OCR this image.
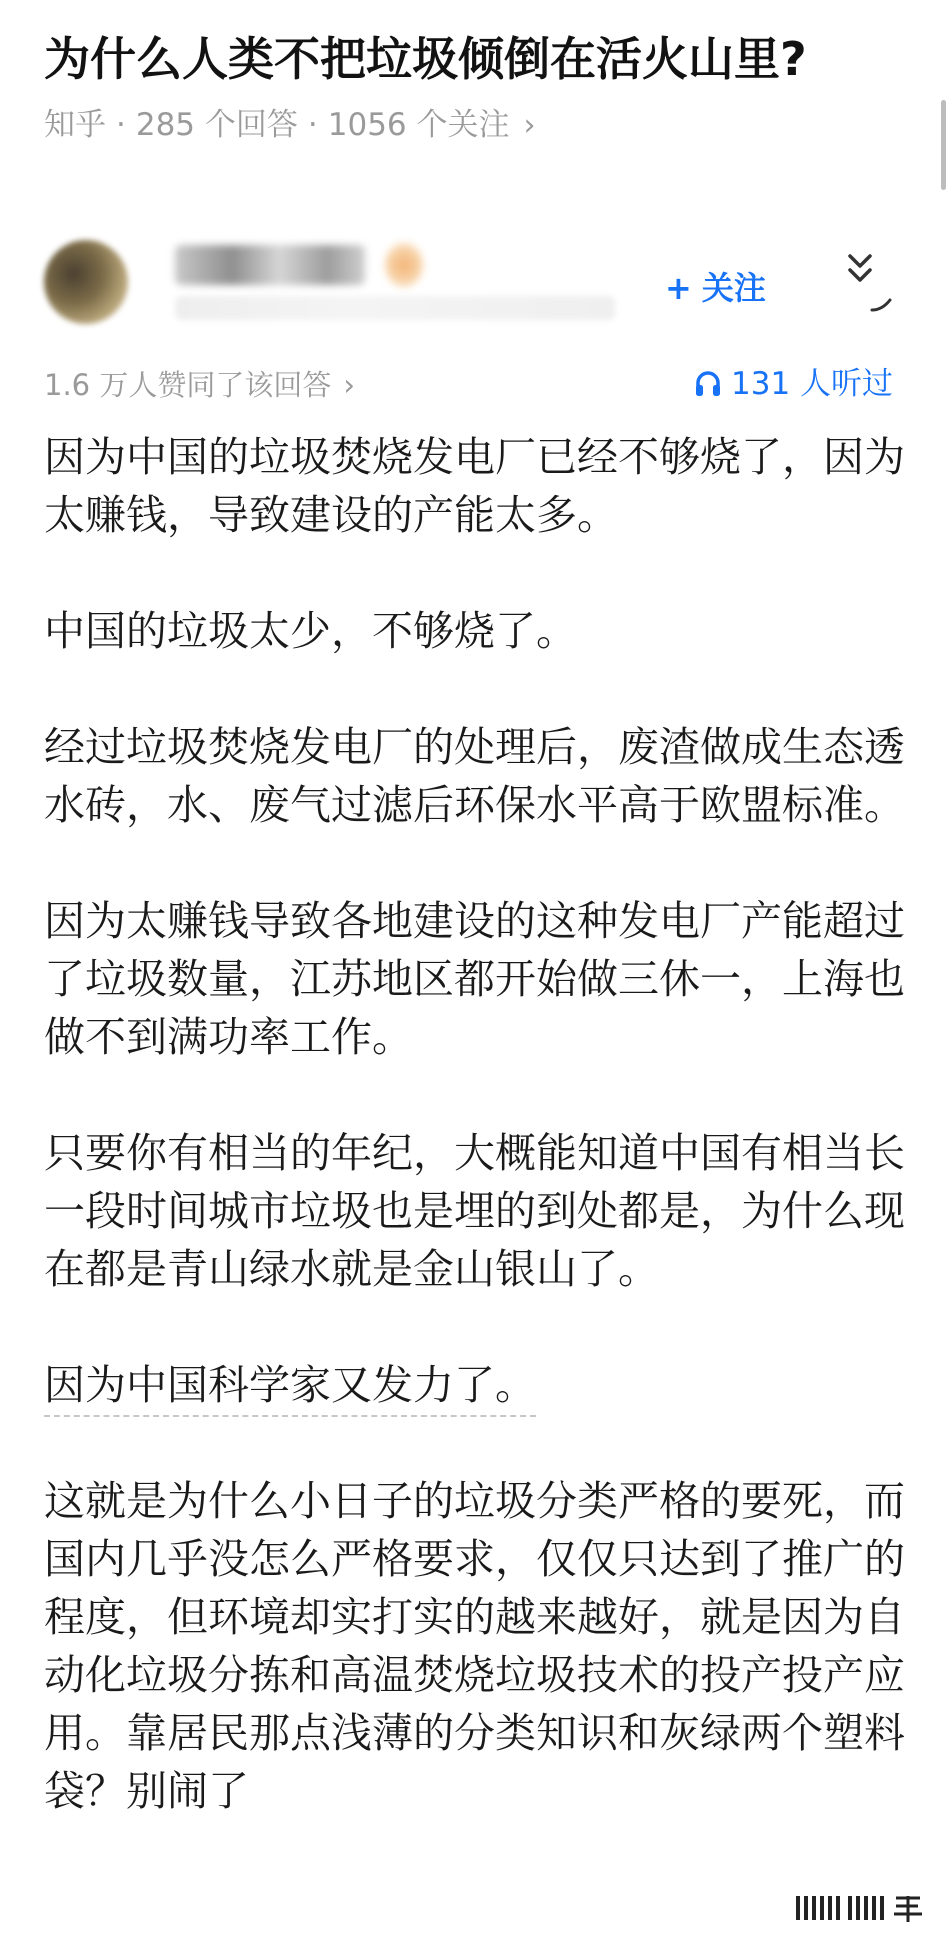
为什么人类不把垃圾倾倒在活火山里?
知乎 · 285 个回答 · 1056 个关注 ›
+ 关注
1.6 万人赞同了该回答 ›	131 人听过

因为中国的垃圾焚烧发电厂已经不够烧了，因为太赚钱，导致建设的产能太多。

中国的垃圾太少，不够烧了。

经过垃圾焚烧发电厂的处理后，废渣做成生态透水砖，水、废气过滤后环保水平高于欧盟标准。

因为太赚钱导致各地建设的这种发电厂产能超过了垃圾数量，江苏地区都开始做三休一，上海也做不到满功率工作。

只要你有相当的年纪，大概能知道中国有相当长一段时间城市垃圾也是埋的到处都是，为什么现在都是青山绿水就是金山银山了。

因为中国科学家又发力了。

这就是为什么小日子的垃圾分类严格的要死，而国内几乎没怎么严格要求，仅仅只达到了推广的程度，但环境却实打实的越来越好，就是因为自动化垃圾分拣和高温焚烧垃圾技术的投产投产应用。靠居民那点浅薄的分类知识和灰绿两个塑料袋？别闹了
